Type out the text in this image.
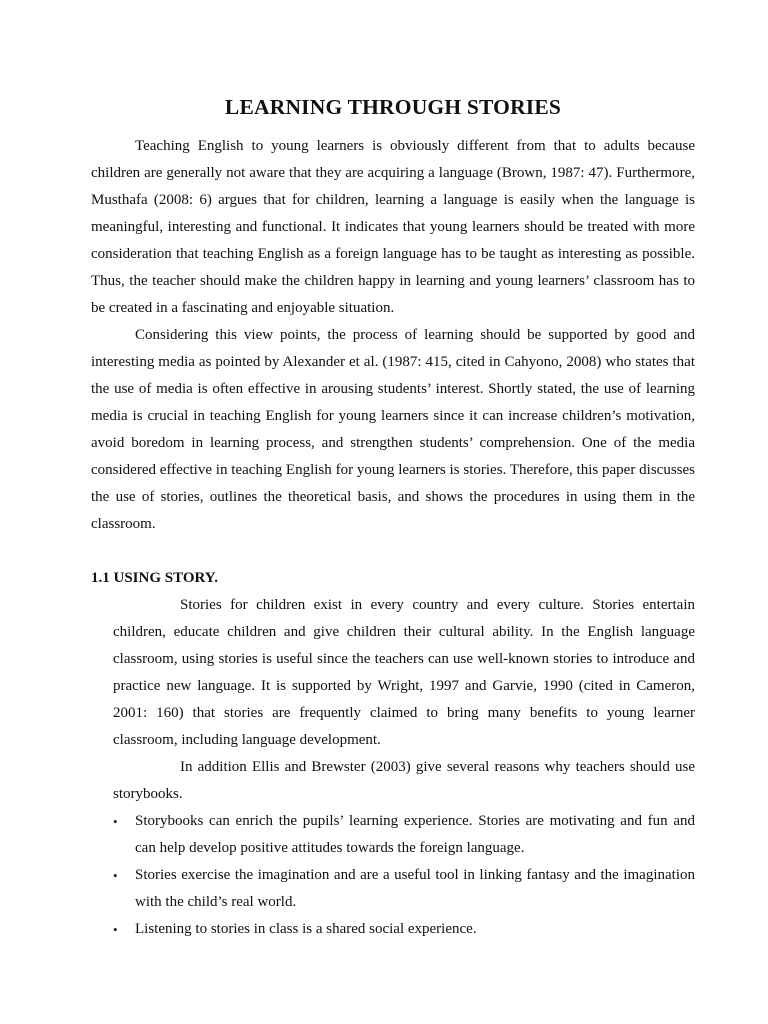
LEARNING THROUGH STORIES

Teaching English to young learners is obviously different from that to adults because children are generally not aware that they are acquiring a language (Brown, 1987: 47). Furthermore, Musthafa (2008: 6) argues that for children, learning a language is easily when the language is meaningful, interesting and functional. It indicates that young learners should be treated with more consideration that teaching English as a foreign language has to be taught as interesting as possible. Thus, the teacher should make the children happy in learning and young learners’ classroom has to be created in a fascinating and enjoyable situation.

Considering this view points, the process of learning should be supported by good and interesting media as pointed by Alexander et al. (1987: 415, cited in Cahyono, 2008) who states that the use of media is often effective in arousing students’ interest. Shortly stated, the use of learning media is crucial in teaching English for young learners since it can increase children’s motivation, avoid boredom in learning process, and strengthen students’ comprehension. One of the media considered effective in teaching English for young learners is stories. Therefore, this paper discusses the use of stories, outlines the theoretical basis, and shows the procedures in using them in the classroom.

1.1 USING STORY.

Stories for children exist in every country and every culture. Stories entertain children, educate children and give children their cultural ability. In the English language classroom, using stories is useful since the teachers can use well-known stories to introduce and practice new language. It is supported by Wright, 1997 and Garvie, 1990 (cited in Cameron, 2001: 160) that stories are frequently claimed to bring many benefits to young learner classroom, including language development.

In addition Ellis and Brewster (2003) give several reasons why teachers should use storybooks.

• Storybooks can enrich the pupils’ learning experience. Stories are motivating and fun and can help develop positive attitudes towards the foreign language.
• Stories exercise the imagination and are a useful tool in linking fantasy and the imagination with the child’s real world.
• Listening to stories in class is a shared social experience.
